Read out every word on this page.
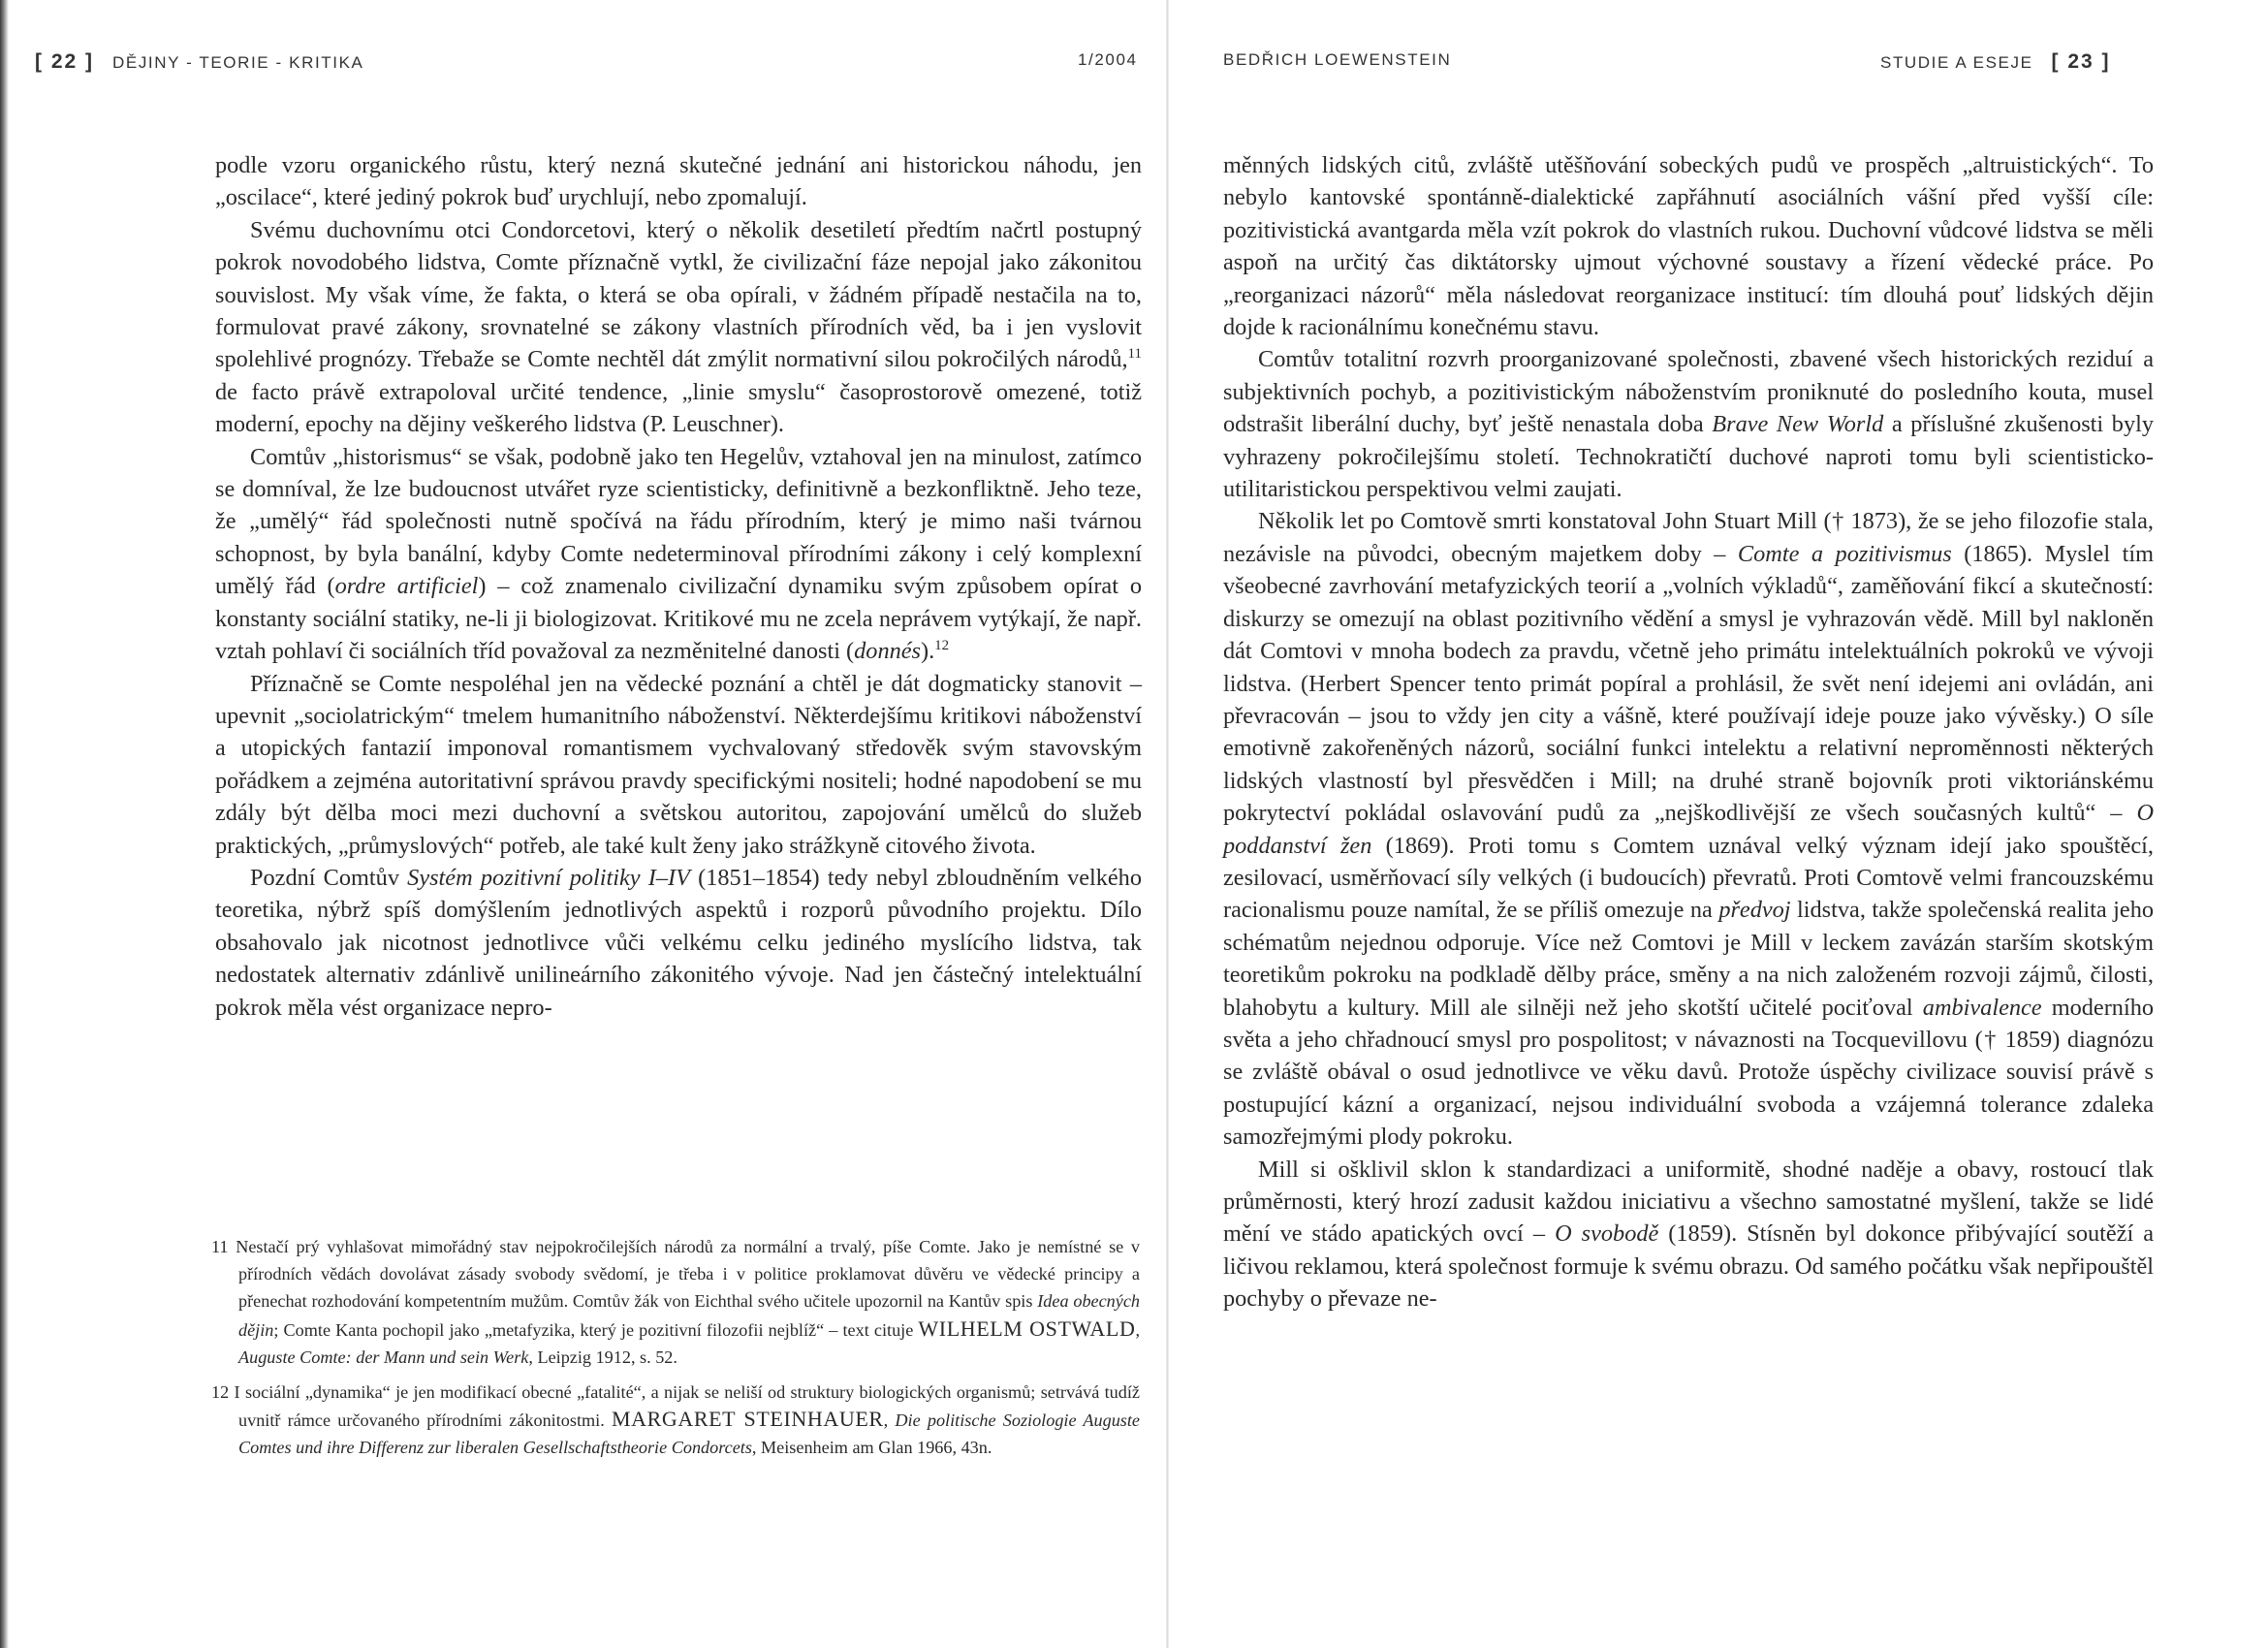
[ 22 ] DĚJINY - TEORIE - KRITIKA	1/2004

podle vzoru organického růstu, který nezná skutečné jednání ani historickou náhodu, jen „oscilace“, které jediný pokrok buď urychlují, nebo zpomalují.

Svému duchovnímu otci Condorcetovi, který o několik desetiletí předtím načrtl postupný pokrok novodobého lidstva, Comte příznačně vytkl, že civilizační fáze nepojal jako zákonitou souvislost. My však víme, že fakta, o která se oba opírali, v žádném případě nestačila na to, formulovat pravé zákony, srovnatelné se zákony vlastních přírodních věd, ba i jen vyslovit spolehlivé prognózy. Třebaže se Comte nechtěl dát zmýlit normativní silou pokročilých národů,$^{11}$ de facto právě extrapoloval určité tendence, „linie smyslu“ časoprostorově omezené, totiž moderní, epochy na dějiny veškerého lidstva (P. Leuschner).

Comtův „historismus“ se však, podobně jako ten Hegelův, vztahoval jen na minulost, zatímco se domníval, že lze budoucnost utvářet ryze scientisticky, definitivně a bezkonfliktně. Jeho teze, že „umělý“ řád společnosti nutně spočívá na řádu přírodním, který je mimo naši tvárnou schopnost, by byla banální, kdyby Comte nedeterminoval přírodními zákony i celý komplexní umělý řád (ordre artificiel) – což znamenalo civilizační dynamiku svým způsobem opírat o konstanty sociální statiky, ne-li ji biologizovat. Kritikové mu ne zcela neprávem vytýkají, že např. vztah pohlaví či sociálních tříd považoval za nezměnitelné danosti (donnés).$^{12}$

Příznačně se Comte nespoléhal jen na vědecké poznání a chtěl je dát dogmaticky stanovit – upevnit „sociolatrickým“ tmelem humanitního náboženství. Některdejšímu kritikovi náboženství a utopických fantazií imponoval romantismem vychvalovaný středověk svým stavovským pořádkem a zejména autoritativní správou pravdy specifickými nositeli; hodné napodobení se mu zdály být dělba moci mezi duchovní a světskou autoritou, zapojování umělců do služeb praktických, „průmyslových“ potřeb, ale také kult ženy jako strážkyně citového života.

Pozdní Comtův Systém pozitivní politiky I–IV (1851–1854) tedy nebyl zbloudněním velkého teoretika, nýbrž spíš domýšlením jednotlivých aspektů i rozporů původního projektu. Dílo obsahovalo jak nicotnost jednotlivce vůči velkému celku jediného myslícího lidstva, tak nedostatek alternativ zdánlivě unilineárního zákonitého vývoje. Nad jen částečný intelektuální pokrok měla vést organizace nepro-

11 Nestačí prý vyhlašovat mimořádný stav nejpokročilejších národů za normální a trvalý, píše Comte. Jako je nemístné se v přírodních vědách dovolávat zásady svobody svědomí, je třeba i v politice proklamovat důvěru ve vědecké principy a přenechat rozhodování kompetentním mužům. Comtův žák von Eichthal svého učitele upozornil na Kantův spis Idea obecných dějin; Comte Kanta pochopil jako „metafyzika, který je pozitivní filozofii nejblíž“ – text cituje WILHELM OSTWALD, Auguste Comte: der Mann und sein Werk, Leipzig 1912, s. 52.
12 I sociální „dynamika“ je jen modifikací obecné „fatalité“, a nijak se neliší od struktury biologických organismů; setrvává tudíž uvnitř rámce určovaného přírodními zákonitostmi. MARGARET STEINHAUER, Die politische Soziologie Auguste Comtes und ihre Differenz zur liberalen Gesellschaftstheorie Condorcets, Meisenheim am Glan 1966, 43n.
BEDŘICH LOEWENSTEIN	STUDIE A ESEJE [ 23 ]

měnných lidských citů, zvláště utěšňování sobeckých pudů ve prospěch „altruistických“. To nebylo kantovské spontánně-dialektické zapřáhnutí asociálních vášní před vyšší cíle: pozitivistická avantgarda měla vzít pokrok do vlastních rukou. Duchovní vůdcové lidstva se měli aspoň na určitý čas diktátorsky ujmout výchovné soustavy a řízení vědecké práce. Po „reorganizaci názorů“ měla následovat reorganizace institucí: tím dlouhá pouť lidských dějin dojde k racionálnímu konečnému stavu.

Comtův totalitní rozvrh proorganizované společnosti, zbavené všech historických reziduí a subjektivních pochyb, a pozitivistickým náboženstvím proniknuté do posledního kouta, musel odstrašit liberální duchy, byť ještě nenastala doba Brave New World a příslušné zkušenosti byly vyhrazeny pokročilejšímu století. Technokratičtí duchové naproti tomu byli scientisticko-utilitaristickou perspektivou velmi zaujati.

Několik let po Comtově smrti konstatoval John Stuart Mill († 1873), že se jeho filozofie stala, nezávisle na původci, obecným majetkem doby – Comte a pozitivismus (1865). Myslel tím všeobecné zavrhování metafyzických teorií a „volních výkladů“, zaměňování fikcí a skutečností: diskurzy se omezují na oblast pozitivního vědění a smysl je vyhrazován vědě. Mill byl nakloněn dát Comtovi v mnoha bodech za pravdu, včetně jeho primátu intelektuálních pokroků ve vývoji lidstva. (Herbert Spencer tento primát popíral a prohlásil, že svět není idejemi ani ovládán, ani převracován – jsou to vždy jen city a vášně, které používají ideje pouze jako vývěsky.) O síle emotivně zakořeněných názorů, sociální funkci intelektu a relativní neproměnnosti některých lidských vlastností byl přesvědčen i Mill; na druhé straně bojovník proti viktoriánskému pokrytectví pokládal oslavování pudů za „nejškodlivější ze všech současných kultů“ – O poddanství žen (1869). Proti tomu s Comtem uznával velký význam idejí jako spouštěcí, zesilovací, usměrňovací síly velkých (i budoucích) převratů. Proti Comtově velmi francouzskému racionalismu pouze namítal, že se příliš omezuje na předvoj lidstva, takže společenská realita jeho schématům nejednou odporuje. Více než Comtovi je Mill v leckem zavázán starším skotským teoretikům pokroku na podkladě dělby práce, směny a na nich založeném rozvoji zájmů, čilosti, blahobytu a kultury. Mill ale silněji než jeho skotští učitelé pociťoval ambivalence moderního světa a jeho chřadnoucí smysl pro pospolitost; v návaznosti na Tocquevillovu († 1859) diagnózu se zvláště obával o osud jednotlivce ve věku davů. Protože úspěchy civilizace souvisí právě s postupující kázní a organizací, nejsou individuální svoboda a vzájemná tolerance zdaleka samozřejmými plody pokroku.

Mill si ošklivil sklon k standardizaci a uniformitě, shodné naděje a obavy, rostoucí tlak průměrnosti, který hrozí zadusit každou iniciativu a všechno samostatné myšlení, takže se lidé mění ve stádo apatických ovcí – O svobodě (1859). Stísněn byl dokonce přibývající soutěží a ličivou reklamou, která společnost formuje k svému obrazu. Od samého počátku však nepřipouštěl pochyby o převaze ne-
